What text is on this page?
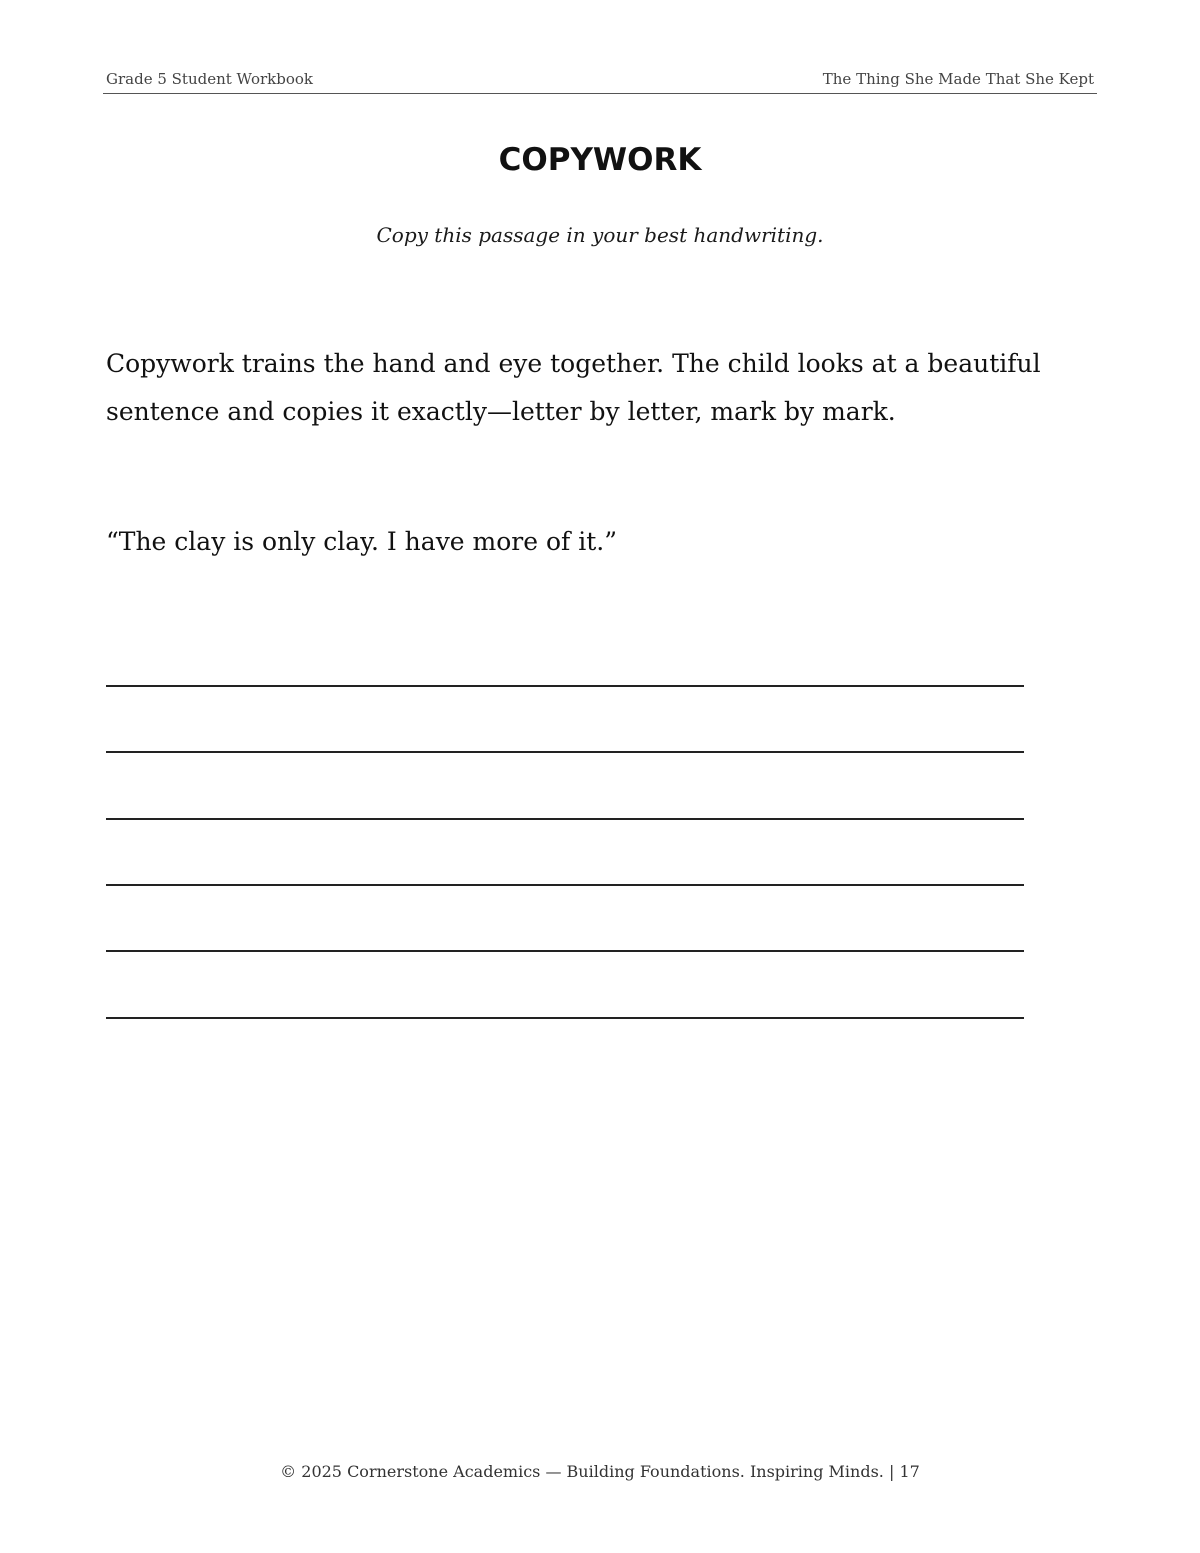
Grade 5 Student Workbook	The Thing She Made That She Kept
COPYWORK
Copy this passage in your best handwriting.
Copywork trains the hand and eye together. The child looks at a beautiful sentence and copies it exactly—letter by letter, mark by mark.
“The clay is only clay. I have more of it.”
© 2025 Cornerstone Academics — Building Foundations. Inspiring Minds. | 17
